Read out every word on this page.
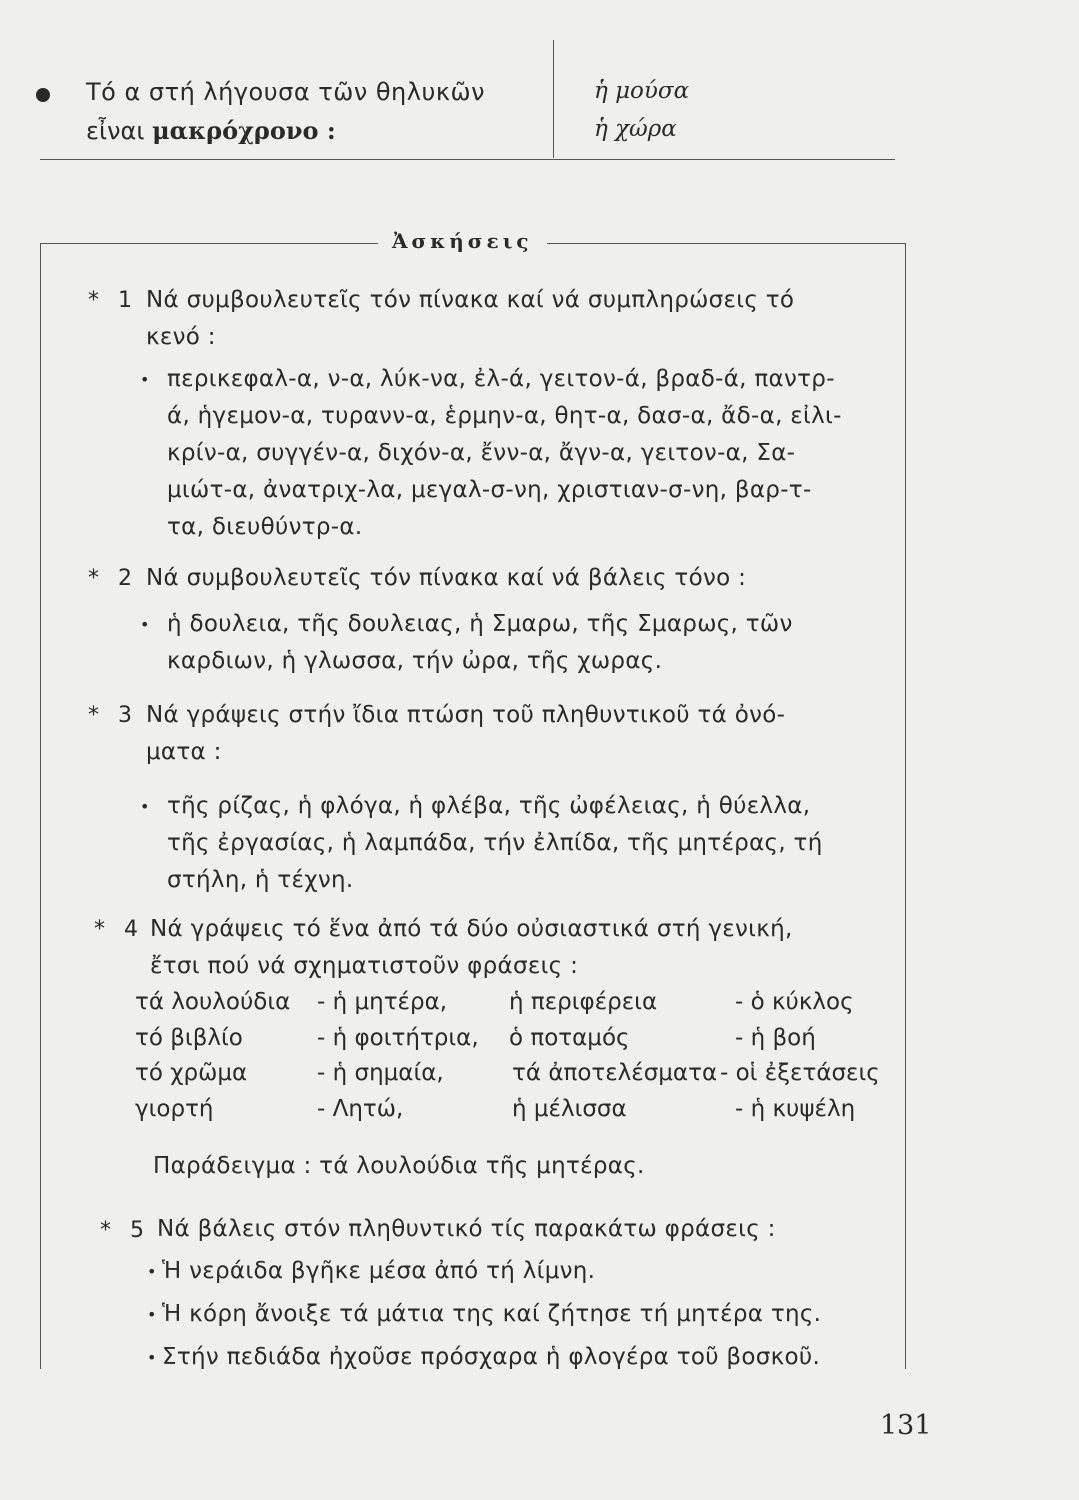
Τό α στή λήγουσα τῶν θηλυκῶν
εἶναι μακρόχρονο :
ἡ μούσα
ἡ χώρα
Ἀσκήσεις
* 1 Νά συμβουλευτεῖς τόν πίνακα καί νά συμπληρώσεις τό
κενό :
• περικεφαλ-α, ν-α, λύκ-να, ἐλ-ά, γειτον-ά, βραδ-ά, παντρ-
ά, ἡγεμον-α, τυρανν‑α, ἑρμην-α, θητ-α, δασ-α, ἄδ-α, εἰλι-
κρίν-α, συγγέν-α, διχόν-α, ἔνν-α, ἄγν-α, γειτον-α, Σα-
μιώτ-α, ἀνατριχ-λα, μεγαλ-σ-νη, χριστιαν-σ-νη, βαρ-τ-
τα, διευθύντρ-α.
* 2 Νά συμβουλευτεῖς τόν πίνακα καί νά βάλεις τόνο :
• ἡ δουλεια, τῆς δουλειας, ἡ Σμαρω, τῆς Σμαρως, τῶν
καρδιων, ἡ γλωσσα, τήν ὠρα, τῆς χωρας.
* 3 Νά γράψεις στήν ἴδια πτώση τοῦ πληθυντικοῦ τά ὀνό-
ματα :
• τῆς ρίζας, ἡ φλόγα, ἡ φλέβα, τῆς ὠφέλειας, ἡ θύελλα,
τῆς ἐργασίας, ἡ λαμπάδα, τήν ἐλπίδα, τῆς μητέρας, τή
στήλη, ἡ τέχνη.
* 4 Νά γράψεις τό ἕνα ἀπό τά δύο οὐσιαστικά στή γενική,
ἔτσι πού νά σχηματιστοῦν φράσεις :
τά λουλούδια - ἡ μητέρα,	ἡ περιφέρεια	- ὁ κύκλος
τό βιβλίο	- ἡ φοιτήτρια, ὁ ποταμός	- ἡ βοή
τό χρῶμα	- ἡ σημαία,	τά ἀποτελέσματα - οἱ ἐξετάσεις
γιορτή	- Λητώ,	ἡ μέλισσα	- ἡ κυψέλη
Παράδειγμα : τά λουλούδια τῆς μητέρας.
* 5 Νά βάλεις στόν πληθυντικό τίς παρακάτω φράσεις :
• Ἡ νεράιδα βγῆκε μέσα ἀπό τή λίμνη.
• Ἡ κόρη ἄνοιξε τά μάτια της καί ζήτησε τή μητέρα της.
• Στήν πεδιάδα ἠχοῦσε πρόσχαρα ἡ φλογέρα τοῦ βοσκοῦ.
131
